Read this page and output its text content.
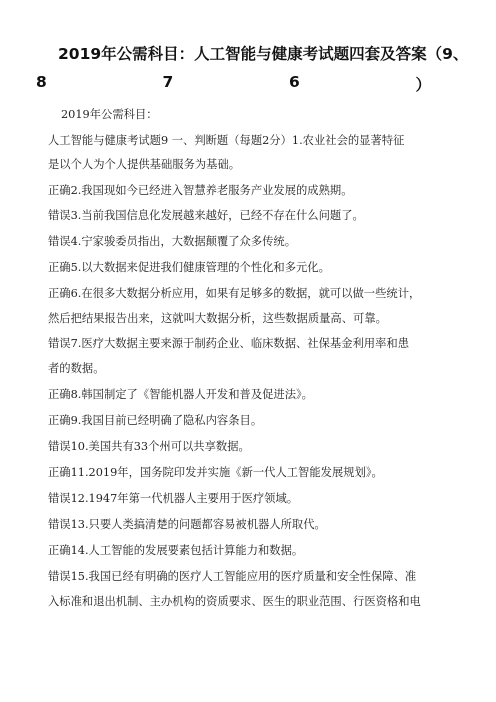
2019年公需科目：人工智能与健康考试题四套及答案（9、
8	7	6	）
2019年公需科目：
人工智能与健康考试题9 一、判断题（每题2分）1.农业社会的显著特征
是以个人为个人提供基础服务为基础。
正确2.我国现如今已经进入智慧养老服务产业发展的成熟期。
错误3.当前我国信息化发展越来越好，已经不存在什么问题了。
错误4.宁家骏委员指出，大数据颠覆了众多传统。
正确5.以大数据来促进我们健康管理的个性化和多元化。
正确6.在很多大数据分析应用，如果有足够多的数据，就可以做一些统计，
然后把结果报告出来，这就叫大数据分析，这些数据质量高、可靠。
错误7.医疗大数据主要来源于制药企业、临床数据、社保基金利用率和患
者的数据。
正确8.韩国制定了《智能机器人开发和普及促进法》。
正确9.我国目前已经明确了隐私内容条目。
错误10.美国共有33个州可以共享数据。
正确11.2019年，国务院印发并实施《新一代人工智能发展规划》。
错误12.1947年第一代机器人主要用于医疗领域。
错误13.只要人类搞清楚的问题都容易被机器人所取代。
正确14.人工智能的发展要素包括计算能力和数据。
错误15.我国已经有明确的医疗人工智能应用的医疗质量和安全性保障、准
入标准和退出机制、主办机构的资质要求、医生的职业范围、行医资格和电
